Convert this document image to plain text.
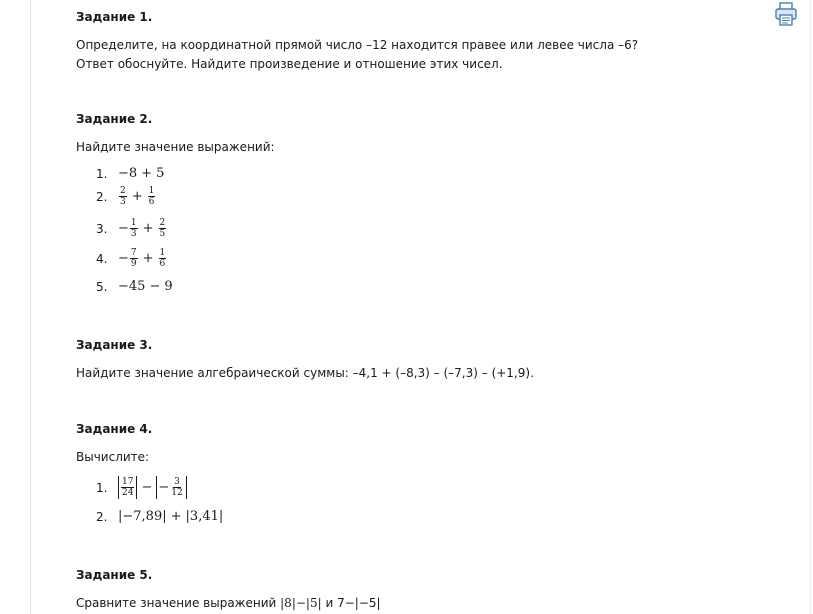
Задание 1.

Определите, на координатной прямой число –12 находится правее или левее числа –6?

Ответ обоснуйте. Найдите произведение и отношение этих чисел.

Задание 2.

Найдите значение выражений:

1. −8 + 5
2.	$\frac{2}{3} + \frac{1}{6}$
3. − $\frac{1}{3} + \frac{2}{5}$
4. − $\frac{7}{9} + \frac{1}{6}$
5. −45 − 9

Задание 3.

Найдите значение алгебраической суммы: –4,1 + (–8,3) – (–7,3) – (+1,9).

Задание 4.

Вычислите:

1.	$\frac{17}{24}$ − − $\frac{3}{12}$
2. | −7,89 | + | 3,41 |

Задание 5.

Сравните значение выражений |8|−|5| и 7−|−5|
